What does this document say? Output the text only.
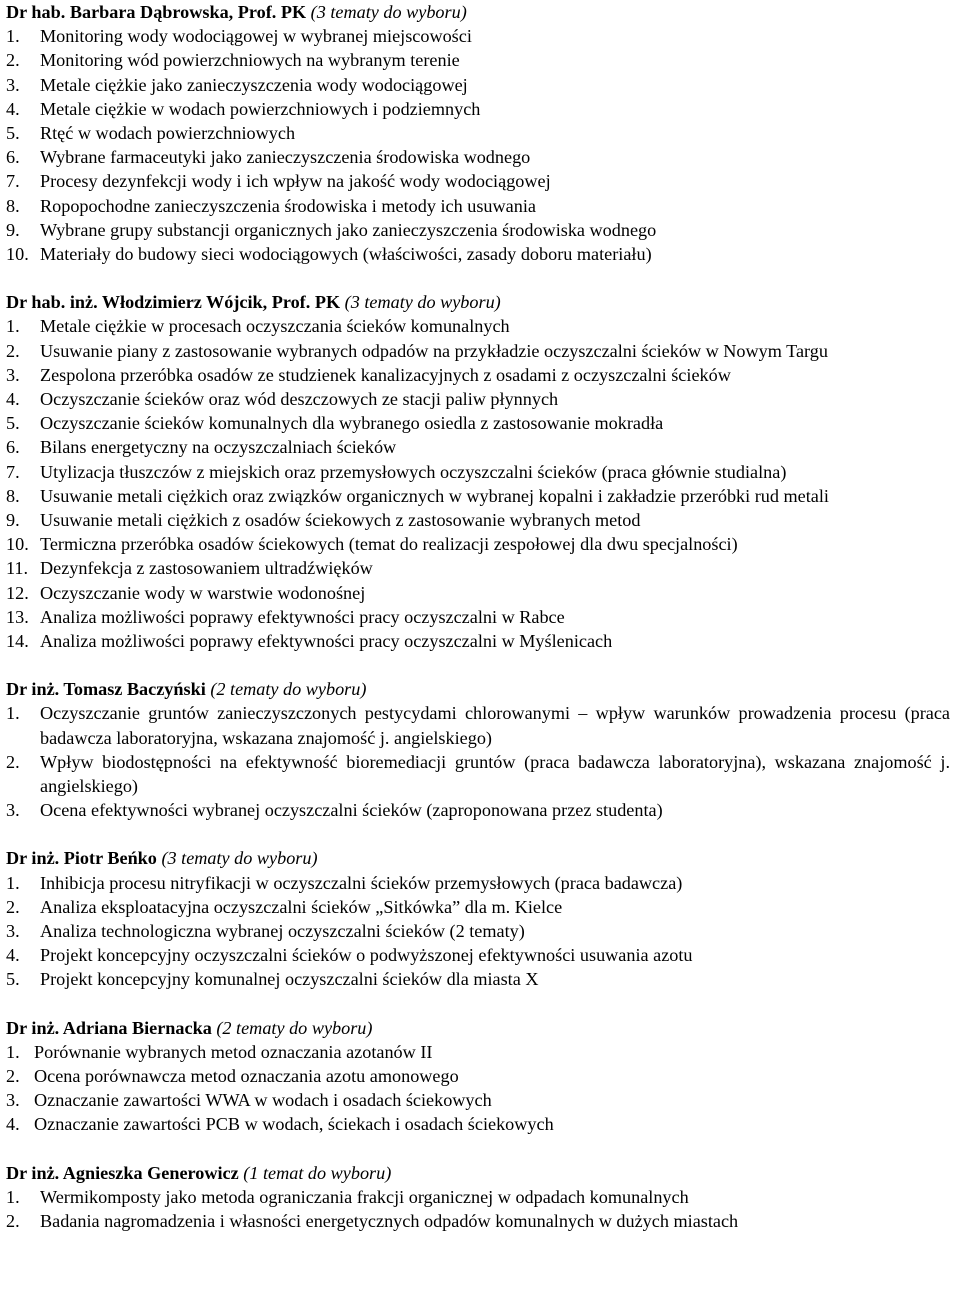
Dr hab. Barbara Dąbrowska, Prof. PK (3 tematy do wyboru)
1.	Monitoring wody wodociągowej w wybranej miejscowości
2.	Monitoring wód powierzchniowych na wybranym terenie
3.	Metale ciężkie jako zanieczyszczenia wody wodociągowej
4.	Metale ciężkie w wodach powierzchniowych i podziemnych
5.	Rtęć w wodach powierzchniowych
6.	Wybrane farmaceutyki jako zanieczyszczenia środowiska wodnego
7.	Procesy dezynfekcji wody i ich wpływ na jakość wody wodociągowej
8.	Ropopochodne zanieczyszczenia środowiska i metody ich usuwania
9.	Wybrane grupy substancji organicznych jako zanieczyszczenia środowiska wodnego
10. Materiały do budowy sieci wodociągowych (właściwości, zasady doboru materiału)
Dr hab. inż. Włodzimierz Wójcik, Prof. PK (3 tematy do wyboru)
1.	Metale ciężkie w procesach oczyszczania ścieków komunalnych
2.	Usuwanie piany z zastosowanie wybranych odpadów na przykładzie oczyszczalni ścieków w Nowym Targu
3.	Zespolona przeróbka osadów ze studzienek kanalizacyjnych z osadami z oczyszczalni ścieków
4.	Oczyszczanie ścieków oraz wód deszczowych ze stacji paliw płynnych
5.	Oczyszczanie ścieków komunalnych dla wybranego osiedla z zastosowanie mokradła
6.	Bilans energetyczny na oczyszczalniach ścieków
7.	Utylizacja tłuszczów z miejskich oraz przemysłowych oczyszczalni ścieków (praca głównie studialna)
8.	Usuwanie metali ciężkich oraz związków organicznych w wybranej kopalni i zakładzie przeróbki rud metali
9.	Usuwanie metali ciężkich z osadów ściekowych z zastosowanie wybranych metod
10. Termiczna przeróbka osadów ściekowych (temat do realizacji zespołowej dla dwu specjalności)
11. Dezynfekcja z zastosowaniem ultradźwięków
12. Oczyszczanie wody w warstwie wodonośnej
13. Analiza możliwości poprawy efektywności pracy oczyszczalni w Rabce
14. Analiza możliwości poprawy efektywności pracy oczyszczalni w Myślenicach
Dr inż. Tomasz Baczyński (2 tematy do wyboru)
1.	Oczyszczanie gruntów zanieczyszczonych pestycydami chlorowanymi – wpływ warunków prowadzenia procesu (praca badawcza laboratoryjna, wskazana znajomość j. angielskiego)
2.	Wpływ biodostępności na efektywność bioremediacji gruntów (praca badawcza laboratoryjna), wskazana znajomość j. angielskiego)
3.	Ocena efektywności wybranej oczyszczalni ścieków (zaproponowana przez studenta)
Dr inż. Piotr Beńko (3 tematy do wyboru)
1.	Inhibicja procesu nitryfikacji w oczyszczalni ścieków przemysłowych (praca badawcza)
2.	Analiza eksploatacyjna oczyszczalni ścieków „Sitkówka” dla m. Kielce
3.	Analiza technologiczna wybranej oczyszczalni ścieków (2 tematy)
4.	Projekt koncepcyjny oczyszczalni ścieków o podwyższonej efektywności usuwania azotu
5.	Projekt koncepcyjny komunalnej oczyszczalni ścieków dla miasta X
Dr inż. Adriana Biernacka (2 tematy do wyboru)
1. Porównanie wybranych metod oznaczania azotanów II
2. Ocena porównawcza metod oznaczania azotu amonowego
3. Oznaczanie zawartości WWA w wodach i osadach ściekowych
4. Oznaczanie zawartości PCB w wodach, ściekach i osadach ściekowych
Dr inż. Agnieszka Generowicz (1 temat do wyboru)
1.	Wermikomposty jako metoda ograniczania frakcji organicznej w odpadach komunalnych
2.	Badania nagromadzenia i własności energetycznych odpadów komunalnych w dużych miastach
